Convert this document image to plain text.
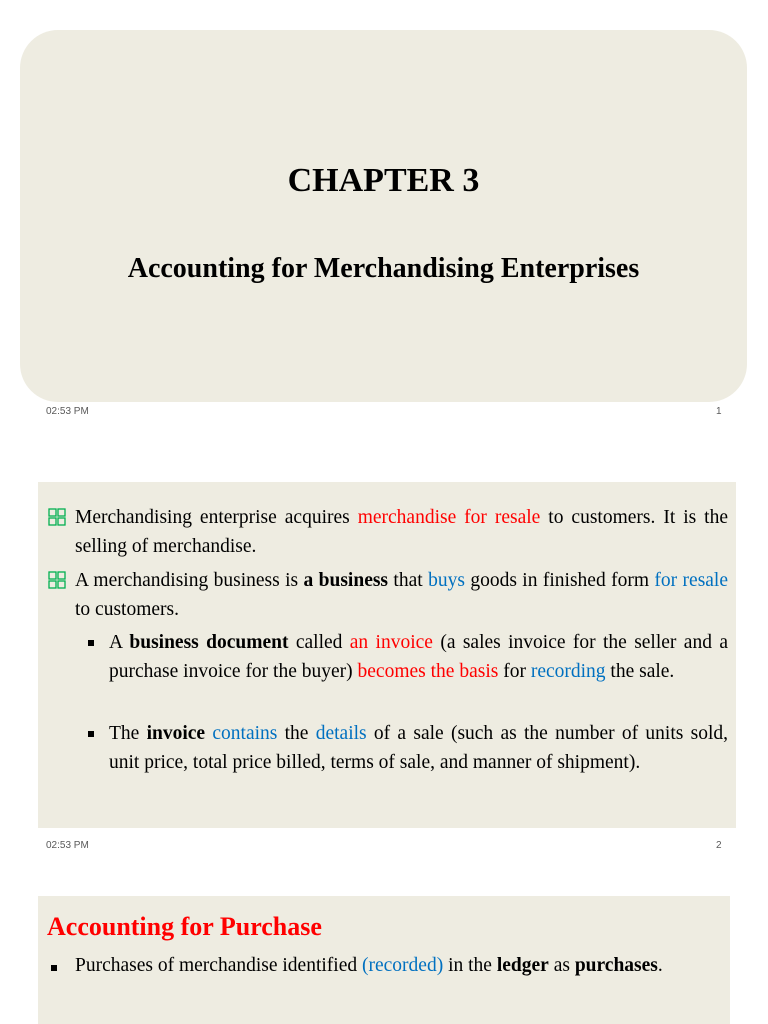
CHAPTER 3
Accounting for Merchandising Enterprises
02:53 PM	1

Merchandising enterprise acquires merchandise for resale to customers. It is the selling of merchandise.

A merchandising business is a business that buys goods in finished form for resale to customers.

A business document called an invoice (a sales invoice for the seller and a purchase invoice for the buyer) becomes the basis for recording the sale.

The invoice contains the details of a sale (such as the number of units sold, unit price, total price billed, terms of sale, and manner of shipment).

02:53 PM	2
Accounting for Purchase

Purchases of merchandise identified (recorded) in the ledger as purchases.
